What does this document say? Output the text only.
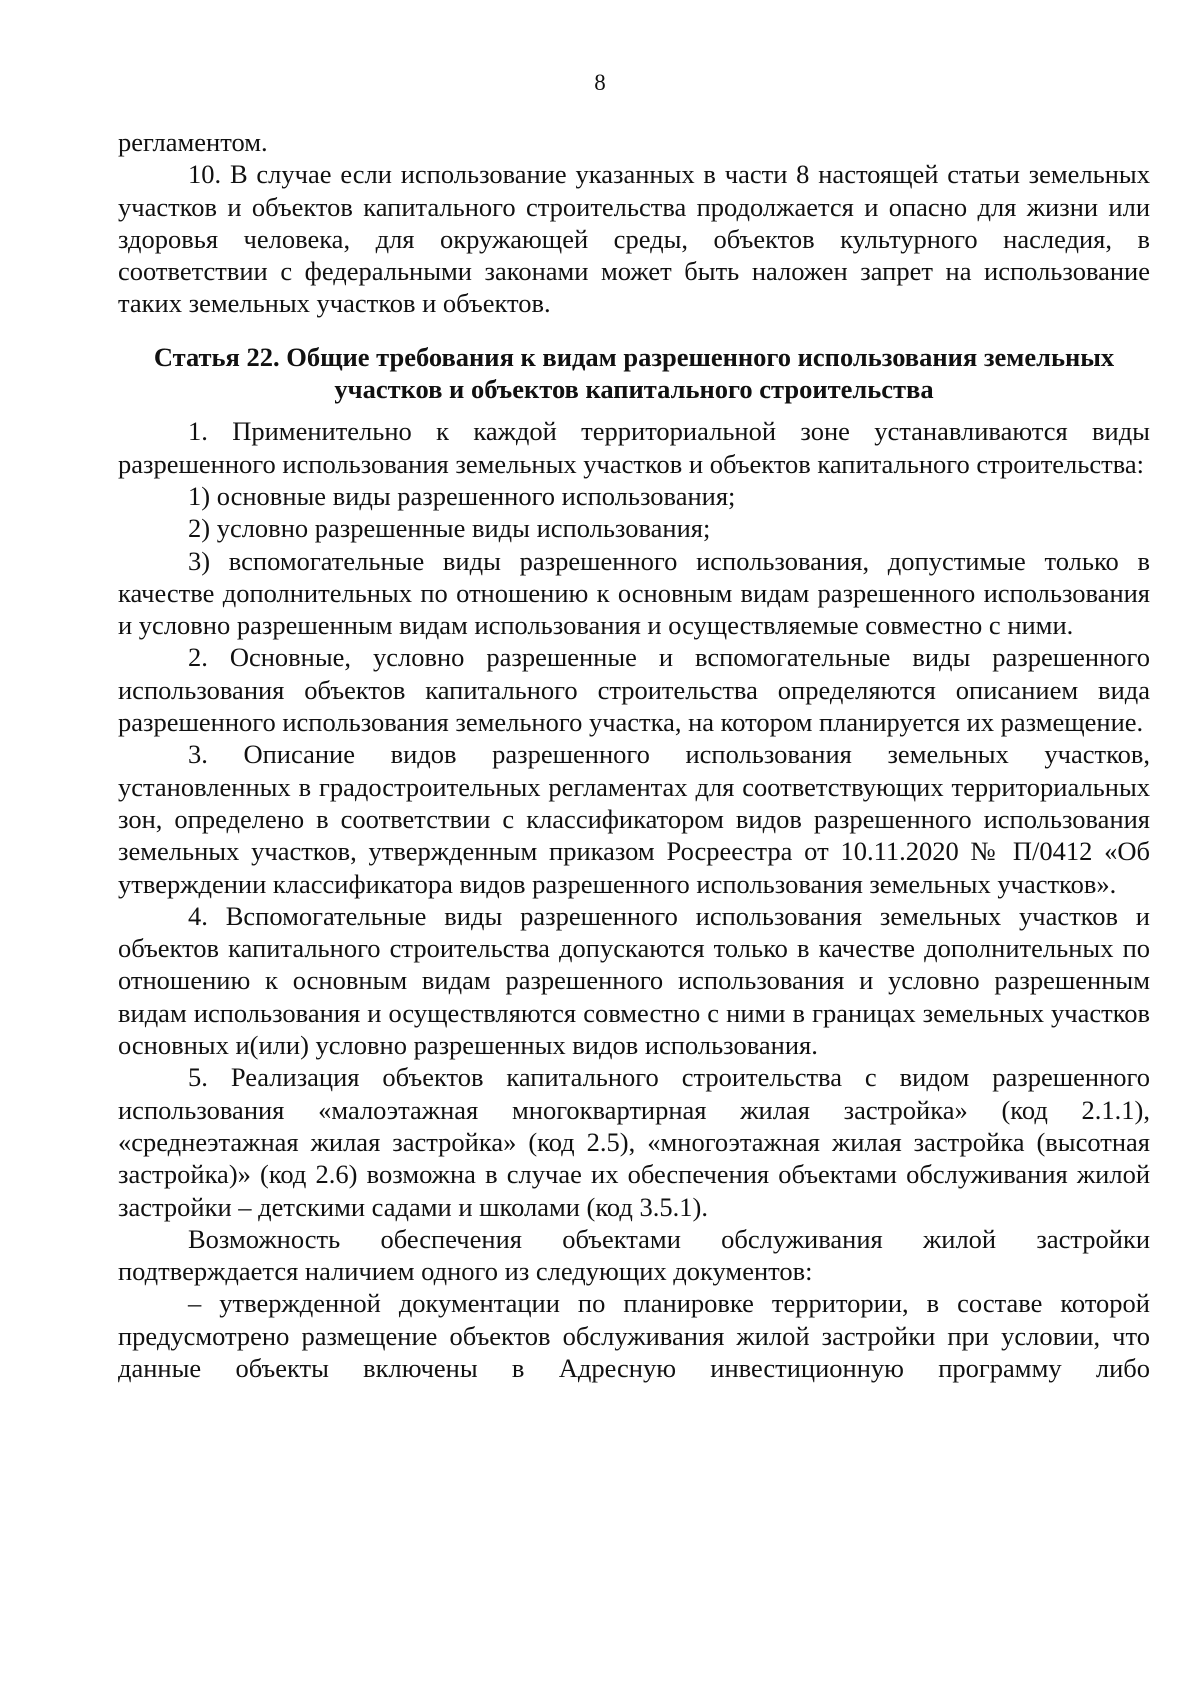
8

регламентом.

10. В случае если использование указанных в части 8 настоящей статьи земельных участков и объектов капитального строительства продолжается и опасно для жизни или здоровья человека, для окружающей среды, объектов культурного наследия, в соответствии с федеральными законами может быть наложен запрет на использование таких земельных участков и объектов.

Статья 22. Общие требования к видам разрешенного использования земельных участков и объектов капитального строительства

1. Применительно к каждой территориальной зоне устанавливаются виды разрешенного использования земельных участков и объектов капитального строительства:

1) основные виды разрешенного использования;

2) условно разрешенные виды использования;

3) вспомогательные виды разрешенного использования, допустимые только в качестве дополнительных по отношению к основным видам разрешенного использования и условно разрешенным видам использования и осуществляемые совместно с ними.

2. Основные, условно разрешенные и вспомогательные виды разрешенного использования объектов капитального строительства определяются описанием вида разрешенного использования земельного участка, на котором планируется их размещение.

3. Описание видов разрешенного использования земельных участков, установленных в градостроительных регламентах для соответствующих территориальных зон, определено в соответствии с классификатором видов разрешенного использования земельных участков, утвержденным приказом Росреестра от 10.11.2020 № П/0412 «Об утверждении классификатора видов разрешенного использования земельных участков».

4. Вспомогательные виды разрешенного использования земельных участков и объектов капитального строительства допускаются только в качестве дополнительных по отношению к основным видам разрешенного использования и условно разрешенным видам использования и осуществляются совместно с ними в границах земельных участков основных и(или) условно разрешенных видов использования.

5. Реализация объектов капитального строительства с видом разрешенного использования «малоэтажная многоквартирная жилая застройка» (код 2.1.1), «среднеэтажная жилая застройка» (код 2.5), «многоэтажная жилая застройка (высотная застройка)» (код 2.6) возможна в случае их обеспечения объектами обслуживания жилой застройки – детскими садами и школами (код 3.5.1).

Возможность обеспечения объектами обслуживания жилой застройки подтверждается наличием одного из следующих документов:

– утвержденной документации по планировке территории, в составе которой предусмотрено размещение объектов обслуживания жилой застройки при условии, что данные объекты включены в Адресную инвестиционную программу либо
